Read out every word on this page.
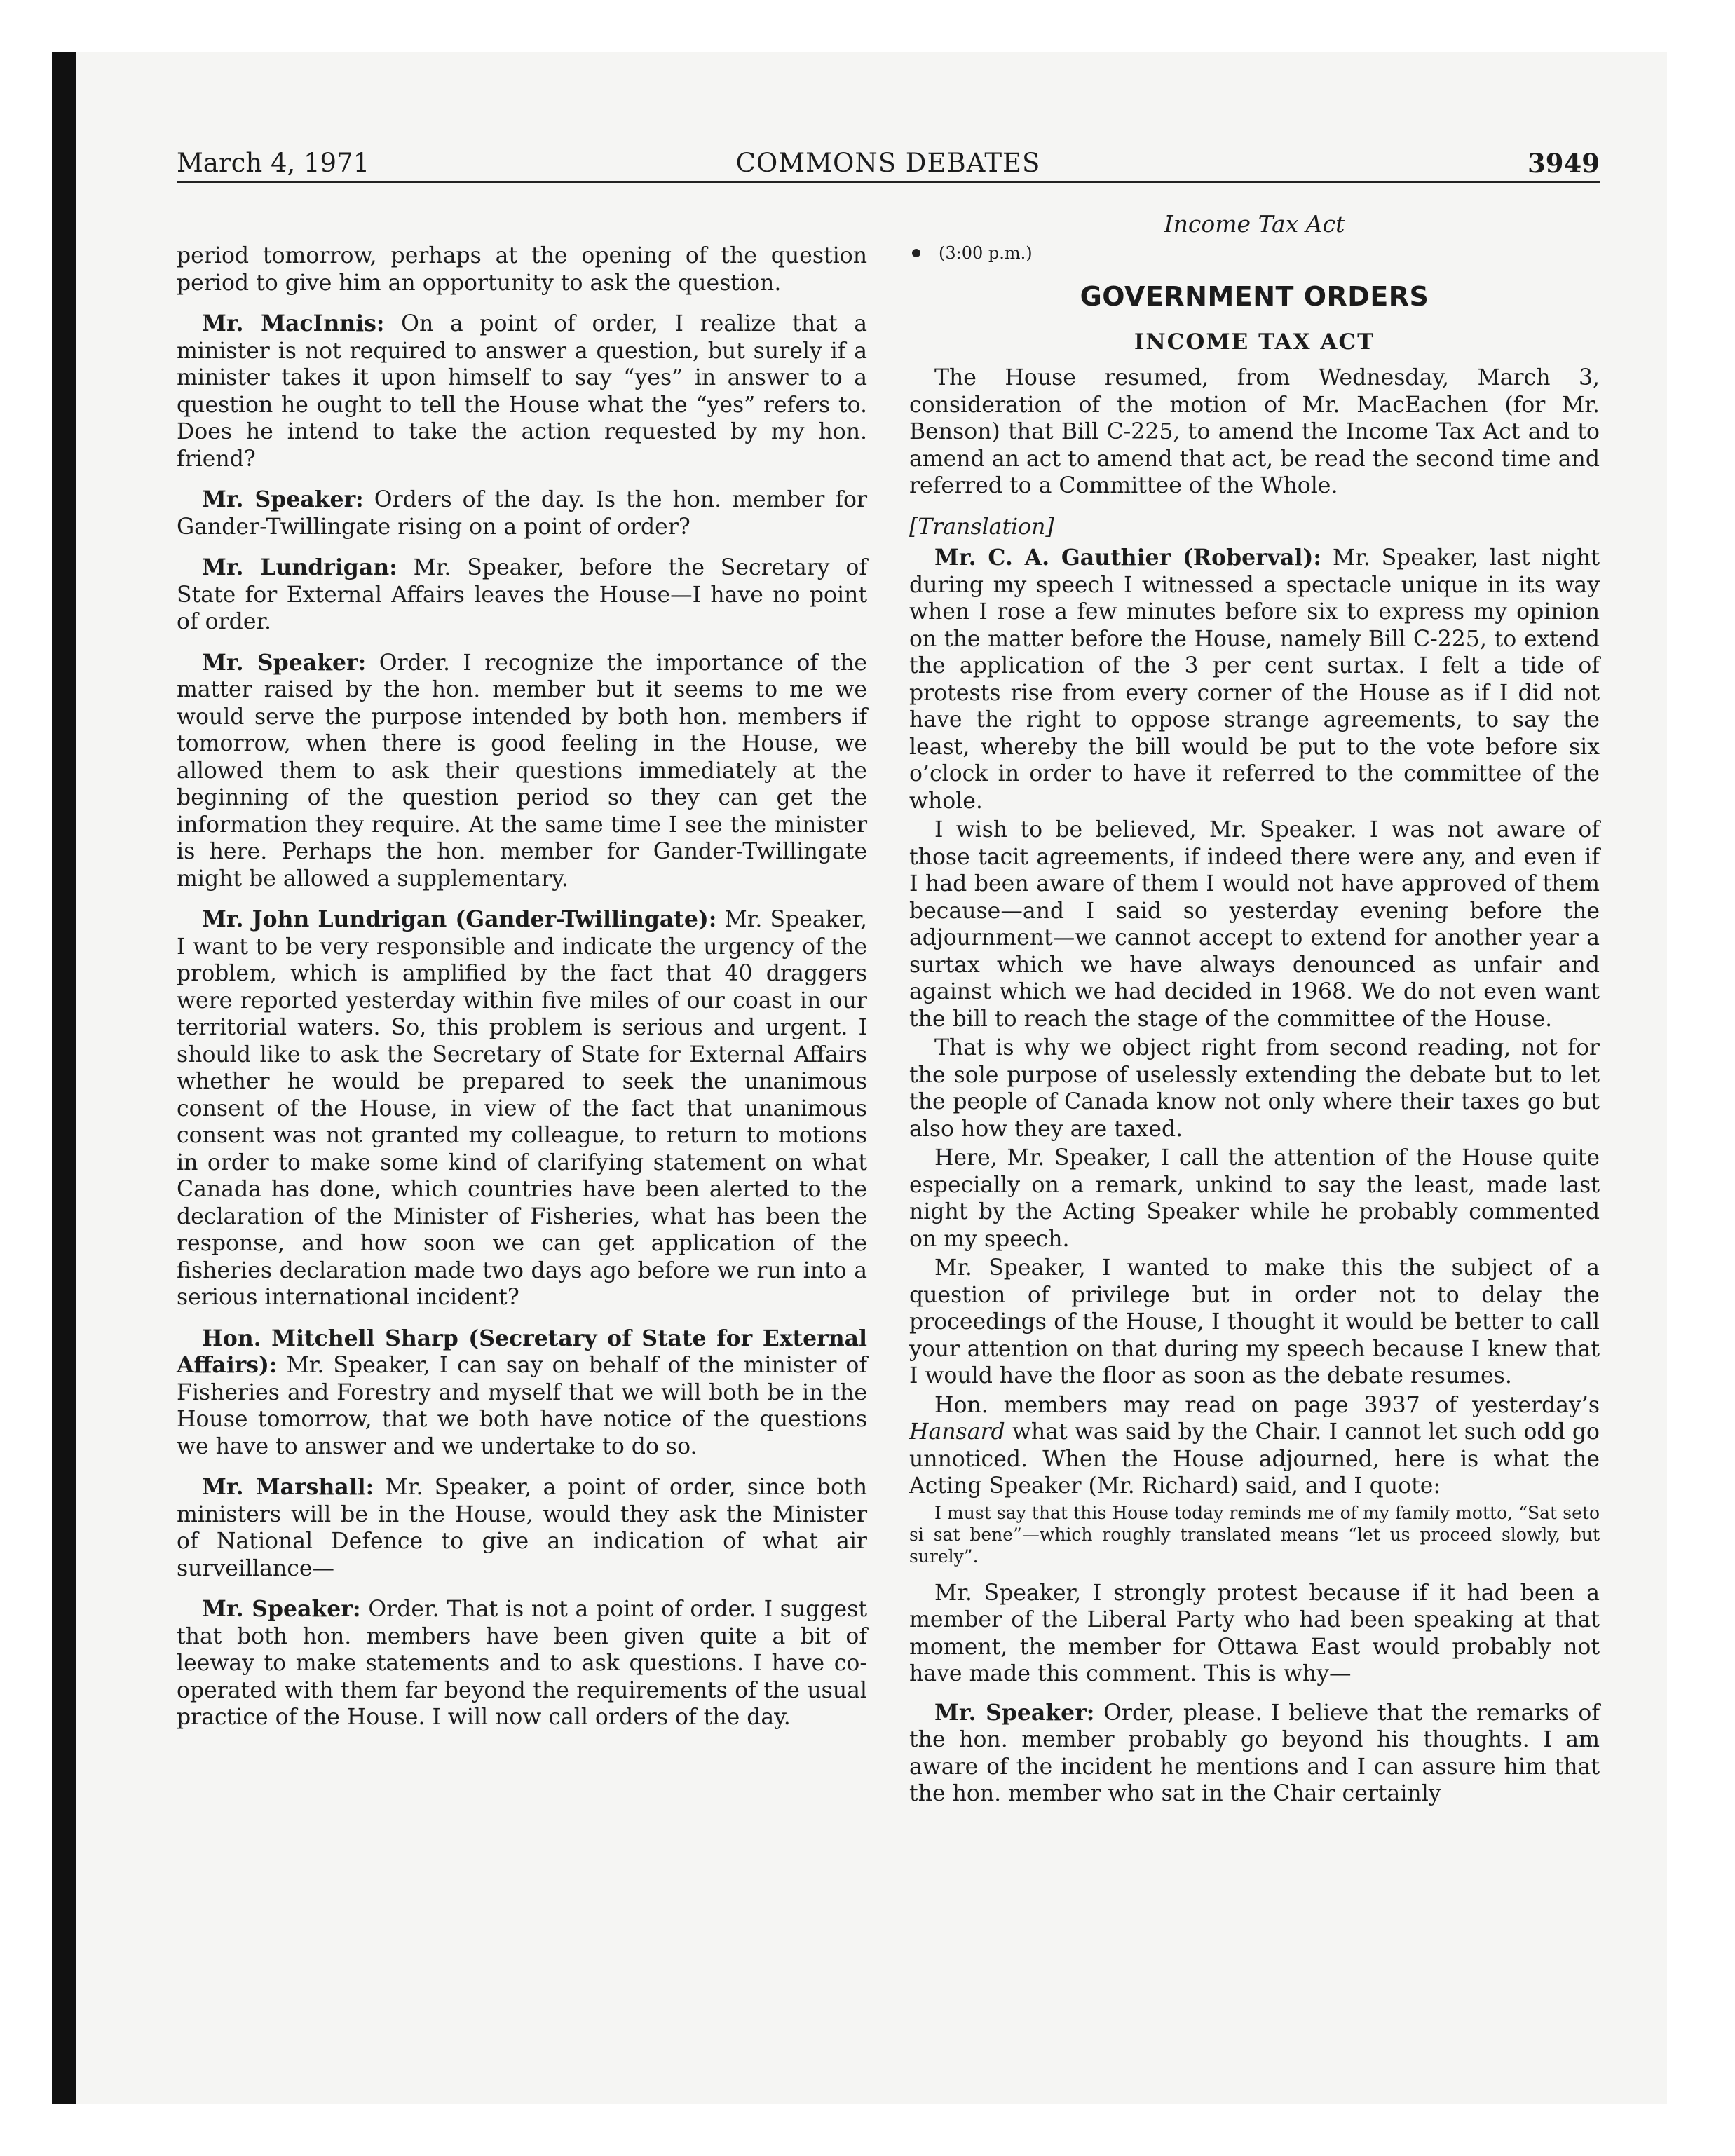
March 4, 1971	COMMONS DEBATES	3949

period tomorrow, perhaps at the opening of the question period to give him an opportunity to ask the question.

Mr. MacInnis: On a point of order, I realize that a minister is not required to answer a question, but surely if a minister takes it upon himself to say “yes” in answer to a question he ought to tell the House what the “yes” refers to. Does he intend to take the action requested by my hon. friend?

Mr. Speaker: Orders of the day. Is the hon. member for Gander-Twillingate rising on a point of order?

Mr. Lundrigan: Mr. Speaker, before the Secretary of State for External Affairs leaves the House—I have no point of order.

Mr. Speaker: Order. I recognize the importance of the matter raised by the hon. member but it seems to me we would serve the purpose intended by both hon. members if tomorrow, when there is good feeling in the House, we allowed them to ask their questions immediately at the beginning of the question period so they can get the information they require. At the same time I see the minister is here. Perhaps the hon. member for Gander-Twillingate might be allowed a supplementary.

Mr. John Lundrigan (Gander-Twillingate): Mr. Speaker, I want to be very responsible and indicate the urgency of the problem, which is amplified by the fact that 40 draggers were reported yesterday within five miles of our coast in our territorial waters. So, this problem is serious and urgent. I should like to ask the Secretary of State for External Affairs whether he would be prepared to seek the unanimous consent of the House, in view of the fact that unanimous consent was not granted my colleague, to return to motions in order to make some kind of clarifying statement on what Canada has done, which countries have been alerted to the declaration of the Minister of Fisheries, what has been the response, and how soon we can get application of the fisheries declaration made two days ago before we run into a serious international incident?

Hon. Mitchell Sharp (Secretary of State for External Affairs): Mr. Speaker, I can say on behalf of the minister of Fisheries and Forestry and myself that we will both be in the House tomorrow, that we both have notice of the questions we have to answer and we undertake to do so.

Mr. Marshall: Mr. Speaker, a point of order, since both ministers will be in the House, would they ask the Minister of National Defence to give an indication of what air surveillance—

Mr. Speaker: Order. That is not a point of order. I suggest that both hon. members have been given quite a bit of leeway to make statements and to ask questions. I have co-operated with them far beyond the requirements of the usual practice of the House. I will now call orders of the day.

Income Tax Act
(3:00 p.m.)
GOVERNMENT ORDERS
INCOME TAX ACT

The House resumed, from Wednesday, March 3, consideration of the motion of Mr. MacEachen (for Mr. Benson) that Bill C-225, to amend the Income Tax Act and to amend an act to amend that act, be read the second time and referred to a Committee of the Whole.

[Translation]

Mr. C. A. Gauthier (Roberval): Mr. Speaker, last night during my speech I witnessed a spectacle unique in its way when I rose a few minutes before six to express my opinion on the matter before the House, namely Bill C-225, to extend the application of the 3 per cent surtax. I felt a tide of protests rise from every corner of the House as if I did not have the right to oppose strange agreements, to say the least, whereby the bill would be put to the vote before six o’clock in order to have it referred to the committee of the whole.

I wish to be believed, Mr. Speaker. I was not aware of those tacit agreements, if indeed there were any, and even if I had been aware of them I would not have approved of them because—and I said so yesterday evening before the adjournment—we cannot accept to extend for another year a surtax which we have always denounced as unfair and against which we had decided in 1968. We do not even want the bill to reach the stage of the committee of the House.

That is why we object right from second reading, not for the sole purpose of uselessly extending the debate but to let the people of Canada know not only where their taxes go but also how they are taxed.

Here, Mr. Speaker, I call the attention of the House quite especially on a remark, unkind to say the least, made last night by the Acting Speaker while he probably commented on my speech.

Mr. Speaker, I wanted to make this the subject of a question of privilege but in order not to delay the proceedings of the House, I thought it would be better to call your attention on that during my speech because I knew that I would have the floor as soon as the debate resumes.

Hon. members may read on page 3937 of yesterday’s Hansard what was said by the Chair. I cannot let such odd go unnoticed. When the House adjourned, here is what the Acting Speaker (Mr. Richard) said, and I quote:

I must say that this House today reminds me of my family motto, “Sat seto si sat bene”—which roughly translated means “let us proceed slowly, but surely”.

Mr. Speaker, I strongly protest because if it had been a member of the Liberal Party who had been speaking at that moment, the member for Ottawa East would probably not have made this comment. This is why—

Mr. Speaker: Order, please. I believe that the remarks of the hon. member probably go beyond his thoughts. I am aware of the incident he mentions and I can assure him that the hon. member who sat in the Chair certainly
